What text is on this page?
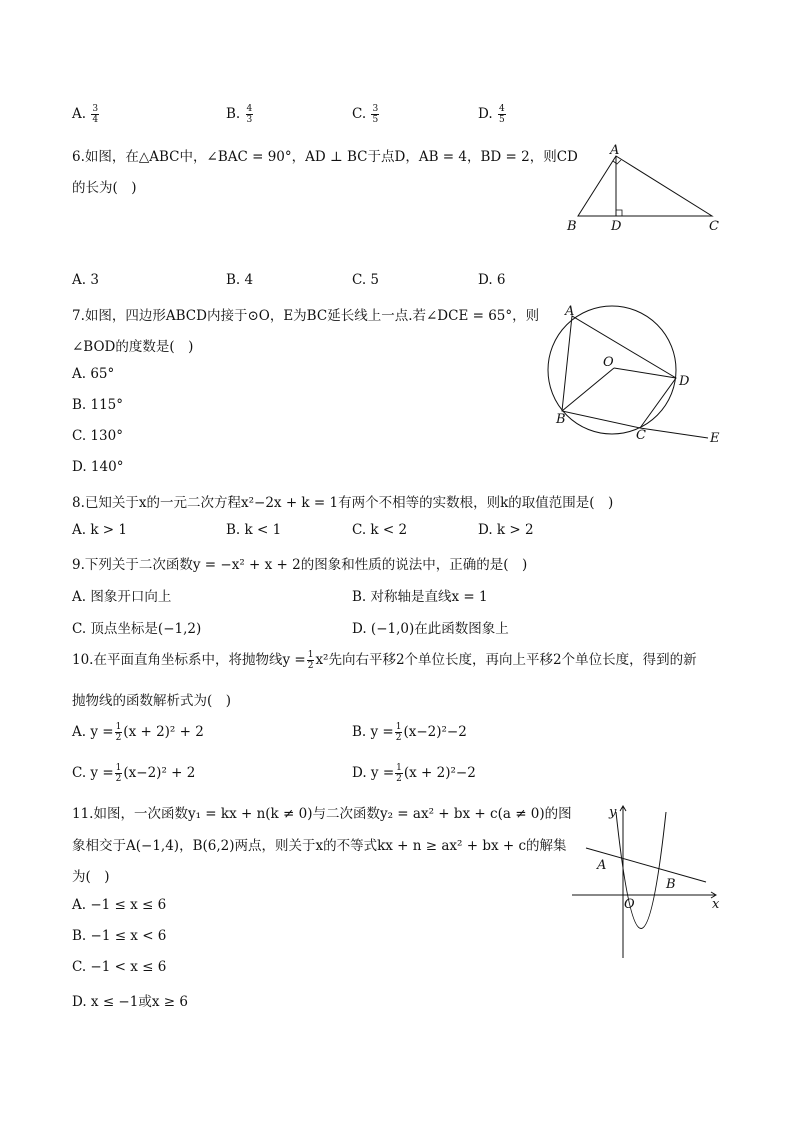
A. $\frac{3}{4}$	B. $\frac{4}{3}$	C. $\frac{3}{5}$	D. $\frac{4}{5}$
6.如图，在△ABC中，∠BAC = 90°，AD ⊥ BC于点D，AB = 4，BD = 2，则CD
的长为(　)
A
B	D	C
A. 3	B. 4	C. 5	D. 6
7.如图，四边形ABCD内接于⊙O，E为BC延长线上一点.若∠DCE = 65°，则
∠BOD的度数是(　)
A. 65°
B. 115°
C. 130°
D. 140°
A
O
D
B
C	E
8.已知关于x的一元二次方程x²−2x + k = 1有两个不相等的实数根，则k的取值范围是(　)
A. k > 1	B. k < 1	C. k < 2	D. k > 2
9.下列关于二次函数y = −x² + x + 2的图象和性质的说法中，正确的是(　)
A. 图象开口向上	B. 对称轴是直线x = 1
C. 顶点坐标是(−1,2)	D. (−1,0)在此函数图象上
10.在平面直角坐标系中，将抛物线$y = \frac{1}{2} x^2$先向右平移2个单位长度，再向上平移2个单位长度，得到的新
抛物线的函数解析式为(　)
A. $y = \frac{1}{2} (x + 2)^2 + 2$	B. $y = \frac{1}{2} (x-2)^2-2$
C. $y = \frac{1}{2} (x-2)^2 + 2$	D. $y = \frac{1}{2} (x + 2)^2-2$
11.如图，一次函数y₁ = kx + n(k ≠ 0)与二次函数y₂ = ax² + bx + c(a ≠ 0)的图
象相交于A(−1,4)，B(6,2)两点，则关于x的不等式kx + n ≥ ax² + bx + c的解集
为(　)
A. −1 ≤ x ≤ 6
B. −1 ≤ x < 6
C. −1 < x ≤ 6
D. x ≤ −1或x ≥ 6
y
A
B
O	x
